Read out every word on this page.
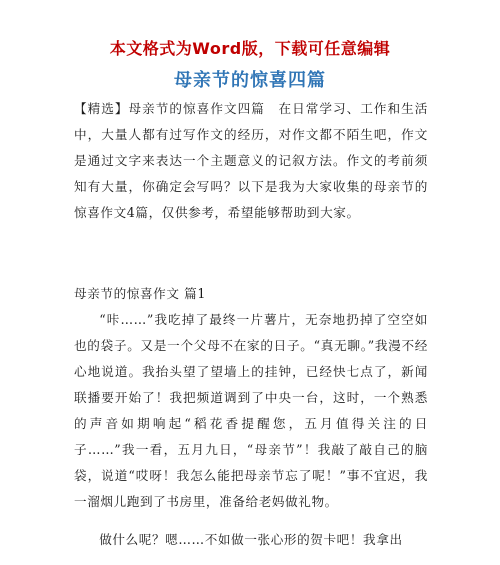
本文格式为Word版，下载可任意编辑
母亲节的惊喜四篇

【精选】母亲节的惊喜作文四篇　在日常学习、工作和生活中，大量人都有过写作文的经历，对作文都不陌生吧，作文是通过文字来表达一个主题意义的记叙方法。作文的考前须知有大量，你确定会写吗？以下是我为大家收集的母亲节的惊喜作文4篇，仅供参考，希望能够帮助到大家。

母亲节的惊喜作文 篇1

“咔……”我吃掉了最终一片薯片，无奈地扔掉了空空如也的袋子。又是一个父母不在家的日子。“真无聊。”我漫不经心地说道。我抬头望了望墙上的挂钟，已经快七点了，新闻联播要开始了！我把频道调到了中央一台，这时，一个熟悉的声音如期响起“稻花香提醒您，五月值得关注的日子……”我一看，五月九日，“母亲节”！我敲了敲自己的脑袋，说道“哎呀！我怎么能把母亲节忘了呢！”事不宜迟，我一溜烟儿跑到了书房里，准备给老妈做礼物。

做什么呢？嗯……不如做一张心形的贺卡吧！我拿出
